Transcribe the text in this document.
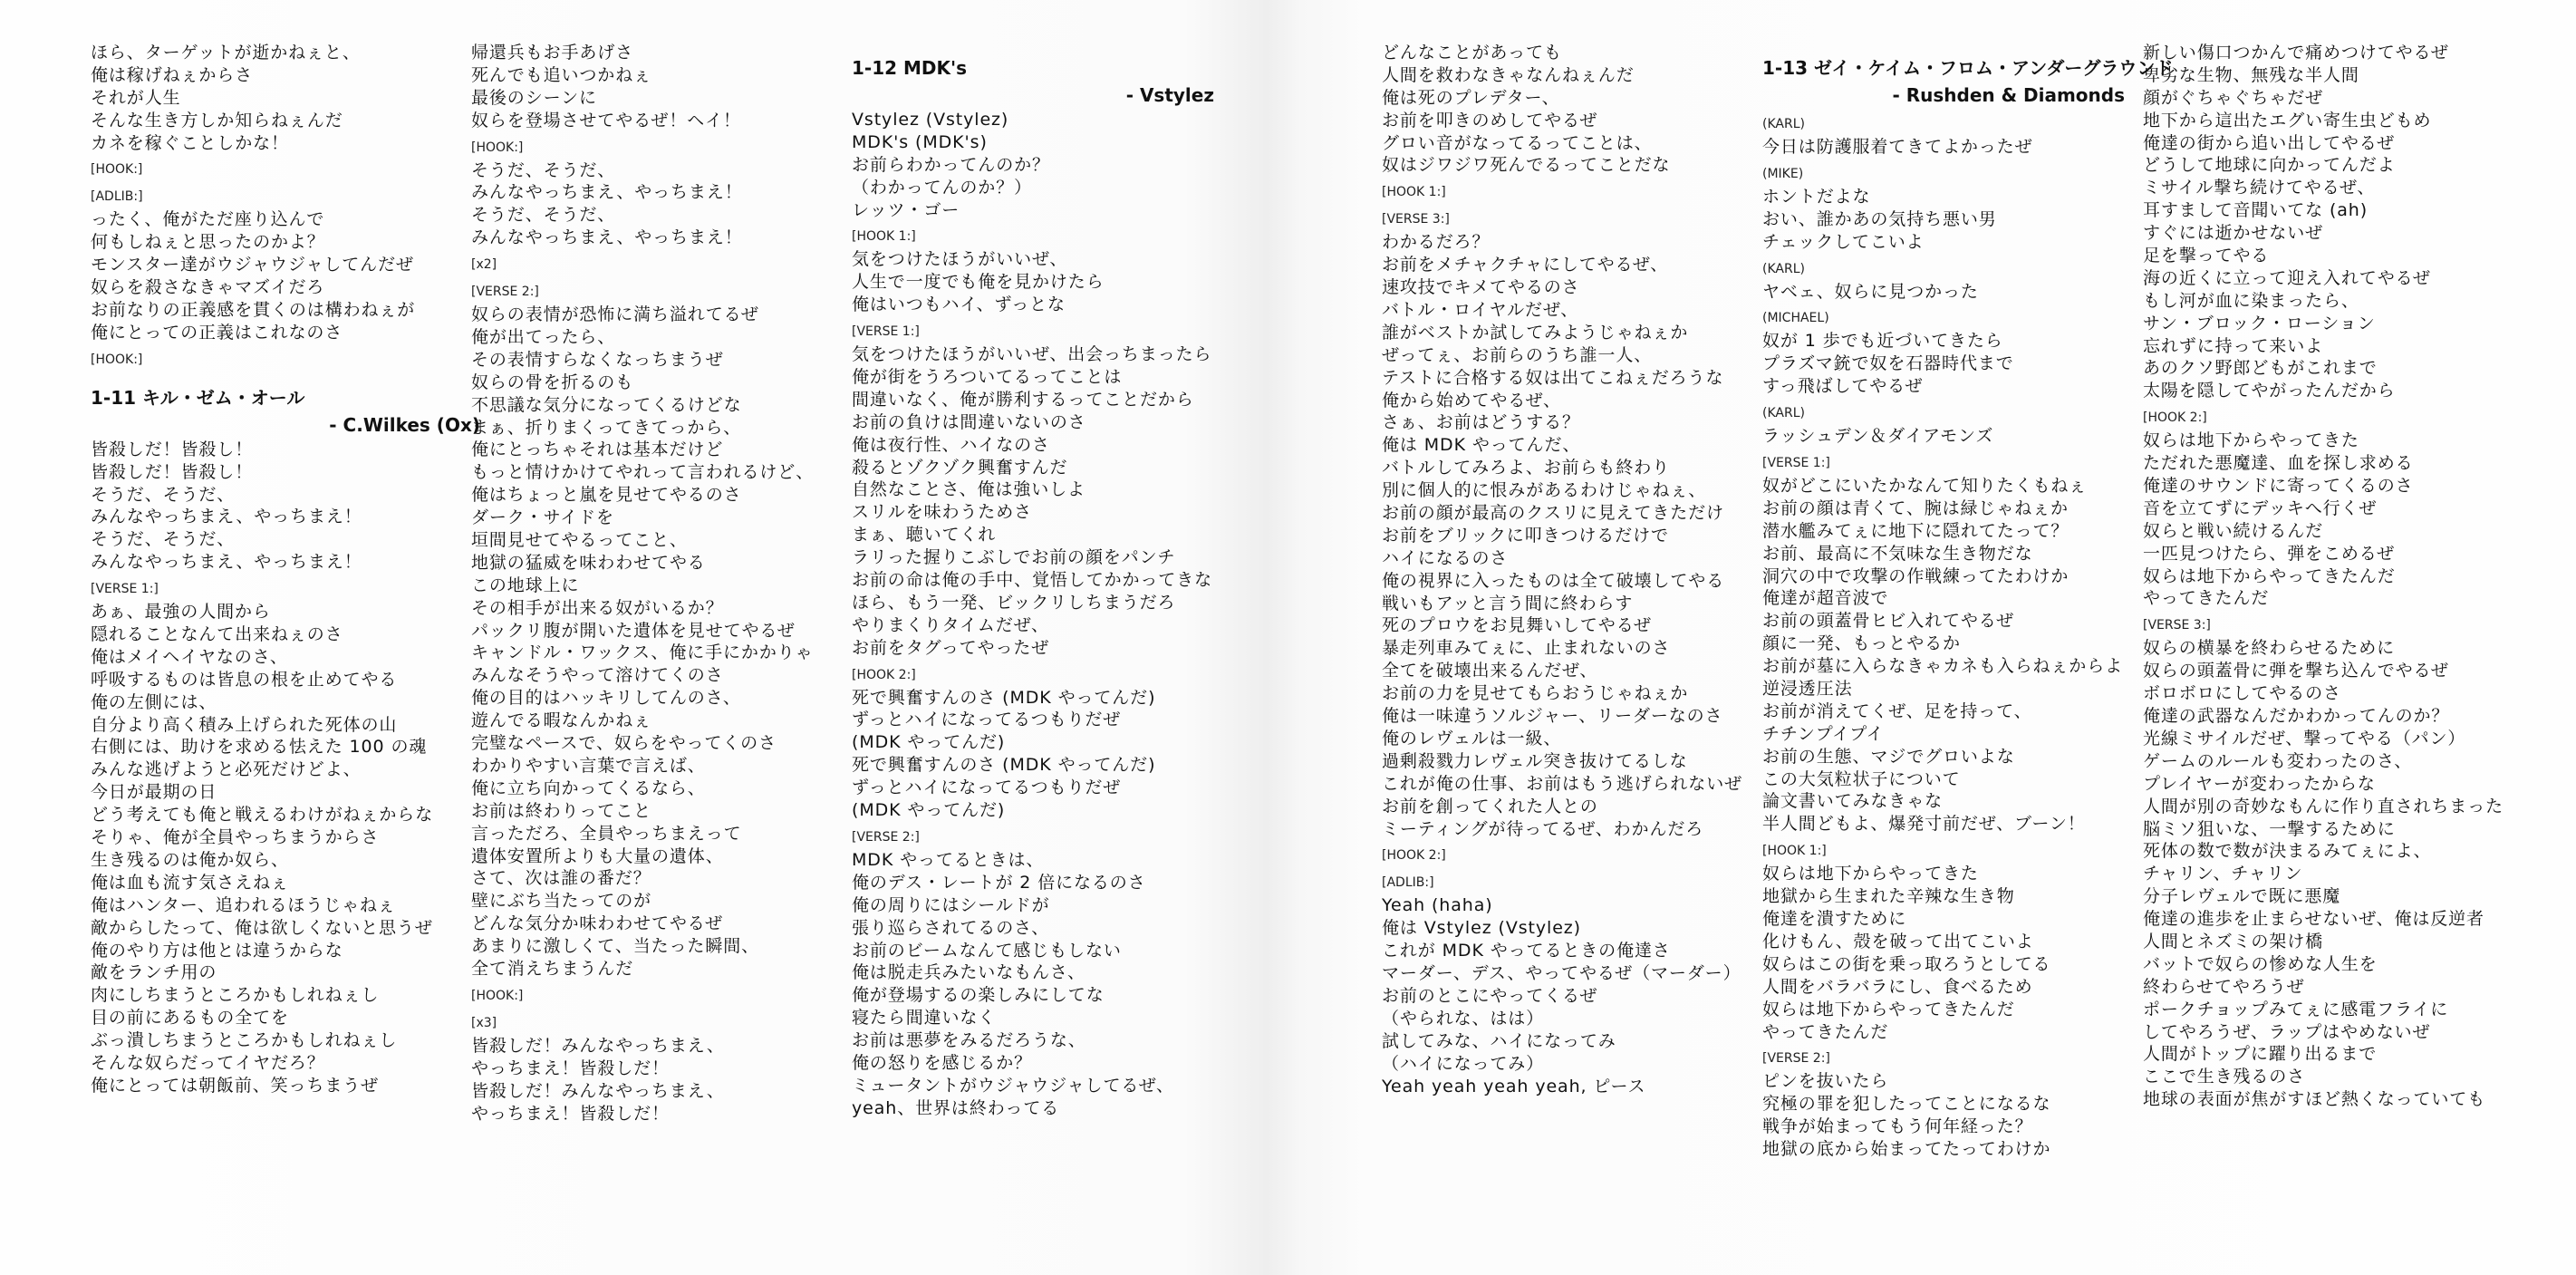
ほら、ターゲットが逝かねぇと、
俺は稼げねぇからさ
それが人生
そんな生き方しか知らねぇんだ
カネを稼ぐことしかな！
[HOOK:]
[ADLIB:]
ったく、俺がただ座り込んで
何もしねぇと思ったのかよ？
モンスター達がウジャウジャしてんだぜ
奴らを殺さなきゃマズイだろ
お前なりの正義感を貫くのは構わねぇが
俺にとっての正義はこれなのさ
[HOOK:]
1-11 キル・ゼム・オール
- C.Wilkes (Ox)
皆殺しだ！皆殺し！
皆殺しだ！皆殺し！
そうだ、そうだ、
みんなやっちまえ、やっちまえ！
そうだ、そうだ、
みんなやっちまえ、やっちまえ！
[VERSE 1:]
あぁ、最強の人間から
隠れることなんて出来ねぇのさ
俺はメイヘイヤなのさ、
呼吸するものは皆息の根を止めてやる
俺の左側には、
自分より高く積み上げられた死体の山
右側には、助けを求める怯えた 100 の魂
みんな逃げようと必死だけどよ、
今日が最期の日
どう考えても俺と戦えるわけがねぇからな
そりゃ、俺が全員やっちまうからさ
生き残るのは俺か奴ら、
俺は血も流す気さえねぇ
俺はハンター、追われるほうじゃねぇ
敵からしたって、俺は欲しくないと思うぜ
俺のやり方は他とは違うからな
敵をランチ用の
肉にしちまうところかもしれねぇし
目の前にあるもの全てを
ぶっ潰しちまうところかもしれねぇし
そんな奴らだってイヤだろ？
俺にとっては朝飯前、笑っちまうぜ
帰還兵もお手あげさ
死んでも追いつかねぇ
最後のシーンに
奴らを登場させてやるぜ！ヘイ！
[HOOK:]
そうだ、そうだ、
みんなやっちまえ、やっちまえ！
そうだ、そうだ、
みんなやっちまえ、やっちまえ！
[x2]
[VERSE 2:]
奴らの表情が恐怖に満ち溢れてるぜ
俺が出てったら、
その表情すらなくなっちまうぜ
奴らの骨を折るのも
不思議な気分になってくるけどな
まぁ、折りまくってきてっから、
俺にとっちゃそれは基本だけど
もっと情けかけてやれって言われるけど、
俺はちょっと嵐を見せてやるのさ
ダーク・サイドを
垣間見せてやるってこと、
地獄の猛威を味わわせてやる
この地球上に
その相手が出来る奴がいるか？
パックリ腹が開いた遺体を見せてやるぜ
キャンドル・ワックス、俺に手にかかりゃ
みんなそうやって溶けてくのさ
俺の目的はハッキリしてんのさ、
遊んでる暇なんかねぇ
完璧なペースで、奴らをやってくのさ
わかりやすい言葉で言えば、
俺に立ち向かってくるなら、
お前は終わりってこと
言っただろ、全員やっちまえって
遺体安置所よりも大量の遺体、
さて、次は誰の番だ？
壁にぶち当たってのが
どんな気分か味わわせてやるぜ
あまりに激しくて、当たった瞬間、
全て消えちまうんだ
[HOOK:]
[x3]
皆殺しだ！みんなやっちまえ、
やっちまえ！皆殺しだ！
皆殺しだ！みんなやっちまえ、
やっちまえ！皆殺しだ！
1-12 MDK's
- Vstylez
Vstylez (Vstylez)
MDK's (MDK's)
お前らわかってんのか？
（わかってんのか？）
レッツ・ゴー
[HOOK 1:]
気をつけたほうがいいぜ、
人生で一度でも俺を見かけたら
俺はいつもハイ、ずっとな
[VERSE 1:]
気をつけたほうがいいぜ、出会っちまったら
俺が街をうろついてるってことは
間違いなく、俺が勝利するってことだから
お前の負けは間違いないのさ
俺は夜行性、ハイなのさ
殺るとゾクゾク興奮すんだ
自然なことさ、俺は強いしよ
スリルを味わうためさ
まぁ、聴いてくれ
ラリった握りこぶしでお前の顔をパンチ
お前の命は俺の手中、覚悟してかかってきな
ほら、もう一発、ビックリしちまうだろ
やりまくりタイムだぜ、
お前をタグってやったぜ
[HOOK 2:]
死で興奮すんのさ (MDK やってんだ)
ずっとハイになってるつもりだぜ
(MDK やってんだ)
死で興奮すんのさ (MDK やってんだ)
ずっとハイになってるつもりだぜ
(MDK やってんだ)
[VERSE 2:]
MDK やってるときは、
俺のデス・レートが 2 倍になるのさ
俺の周りにはシールドが
張り巡らされてるのさ、
お前のビームなんて感じもしない
俺は脱走兵みたいなもんさ、
俺が登場するの楽しみにしてな
寝たら間違いなく
お前は悪夢をみるだろうな、
俺の怒りを感じるか？
ミュータントがウジャウジャしてるぜ、
yeah、世界は終わってる
どんなことがあっても
人間を救わなきゃなんねぇんだ
俺は死のプレデター、
お前を叩きのめしてやるぜ
グロい音がなってるってことは、
奴はジワジワ死んでるってことだな
[HOOK 1:]
[VERSE 3:]
わかるだろ？
お前をメチャクチャにしてやるぜ、
速攻技でキメてやるのさ
バトル・ロイヤルだぜ、
誰がベストか試してみようじゃねぇか
ぜってぇ、お前らのうち誰一人、
テストに合格する奴は出てこねぇだろうな
俺から始めてやるぜ、
さぁ、お前はどうする？
俺は MDK やってんだ、
バトルしてみろよ、お前らも終わり
別に個人的に恨みがあるわけじゃねぇ、
お前の顔が最高のクスリに見えてきただけ
お前をブリックに叩きつけるだけで
ハイになるのさ
俺の視界に入ったものは全て破壊してやる
戦いもアッと言う間に終わらす
死のプロウをお見舞いしてやるぜ
暴走列車みてぇに、止まれないのさ
全てを破壊出来るんだぜ、
お前の力を見せてもらおうじゃねぇか
俺は一味違うソルジャー、リーダーなのさ
俺のレヴェルは一級、
過剰殺戮力レヴェル突き抜けてるしな
これが俺の仕事、お前はもう逃げられないぜ
お前を創ってくれた人との
ミーティングが待ってるぜ、わかんだろ
[HOOK 2:]
[ADLIB:]
Yeah (haha)
俺は Vstylez (Vstylez)
これが MDK やってるときの俺達さ
マーダー、デス、やってやるぜ（マーダー）
お前のとこにやってくるぜ
（やられな、はは）
試してみな、ハイになってみ
（ハイになってみ）
Yeah yeah yeah yeah, ピース
1-13 ゼイ・ケイム・フロム・アンダーグラウンド
- Rushden & Diamonds
(KARL)
今日は防護服着てきてよかったぜ
(MIKE)
ホントだよな
おい、誰かあの気持ち悪い男
チェックしてこいよ
(KARL)
ヤベェ、奴らに見つかった
(MICHAEL)
奴が 1 歩でも近づいてきたら
プラズマ銃で奴を石器時代まで
すっ飛ばしてやるぜ
(KARL)
ラッシュデン＆ダイアモンズ
[VERSE 1:]
奴がどこにいたかなんて知りたくもねぇ
お前の顔は青くて、腕は緑じゃねぇか
潜水艦みてぇに地下に隠れてたって？
お前、最高に不気味な生き物だな
洞穴の中で攻撃の作戦練ってたわけか
俺達が超音波で
お前の頭蓋骨ヒビ入れてやるぜ
顔に一発、もっとやるか
お前が墓に入らなきゃカネも入らねぇからよ
逆浸透圧法
お前が消えてくぜ、足を持って、
チチンプイプイ
お前の生態、マジでグロいよな
この大気粒状子について
論文書いてみなきゃな
半人間どもよ、爆発寸前だぜ、ブーン！
[HOOK 1:]
奴らは地下からやってきた
地獄から生まれた辛辣な生き物
俺達を潰すために
化けもん、殻を破って出てこいよ
奴らはこの街を乗っ取ろうとしてる
人間をバラバラにし、食べるため
奴らは地下からやってきたんだ
やってきたんだ
[VERSE 2:]
ピンを抜いたら
究極の罪を犯したってことになるな
戦争が始まってもう何年経った？
地獄の底から始まってたってわけか
新しい傷口つかんで痛めつけてやるぜ
卑劣な生物、無残な半人間
顔がぐちゃぐちゃだぜ
地下から這出たエグい寄生虫どもめ
俺達の街から追い出してやるぜ
どうして地球に向かってんだよ
ミサイル撃ち続けてやるぜ、
耳すまして音聞いてな (ah)
すぐには逝かせないぜ
足を撃ってやる
海の近くに立って迎え入れてやるぜ
もし河が血に染まったら、
サン・ブロック・ローション
忘れずに持って来いよ
あのクソ野郎どもがこれまで
太陽を隠してやがったんだから
[HOOK 2:]
奴らは地下からやってきた
ただれた悪魔達、血を探し求める
俺達のサウンドに寄ってくるのさ
音を立てずにデッキへ行くぜ
奴らと戦い続けるんだ
一匹見つけたら、弾をこめるぜ
奴らは地下からやってきたんだ
やってきたんだ
[VERSE 3:]
奴らの横暴を終わらせるために
奴らの頭蓋骨に弾を撃ち込んでやるぜ
ボロボロにしてやるのさ
俺達の武器なんだかわかってんのか？
光線ミサイルだぜ、撃ってやる（パン）
ゲームのルールも変わったのさ、
プレイヤーが変わったからな
人間が別の奇妙なもんに作り直されちまった
脳ミソ狙いな、一撃するために
死体の数で数が決まるみてぇによ、
チャリン、チャリン
分子レヴェルで既に悪魔
俺達の進歩を止まらせないぜ、俺は反逆者
人間とネズミの架け橋
バットで奴らの惨めな人生を
終わらせてやろうぜ
ポークチョップみてぇに感電フライに
してやろうぜ、ラップはやめないぜ
人間がトップに躍り出るまで
ここで生き残るのさ
地球の表面が焦がすほど熱くなっていても
